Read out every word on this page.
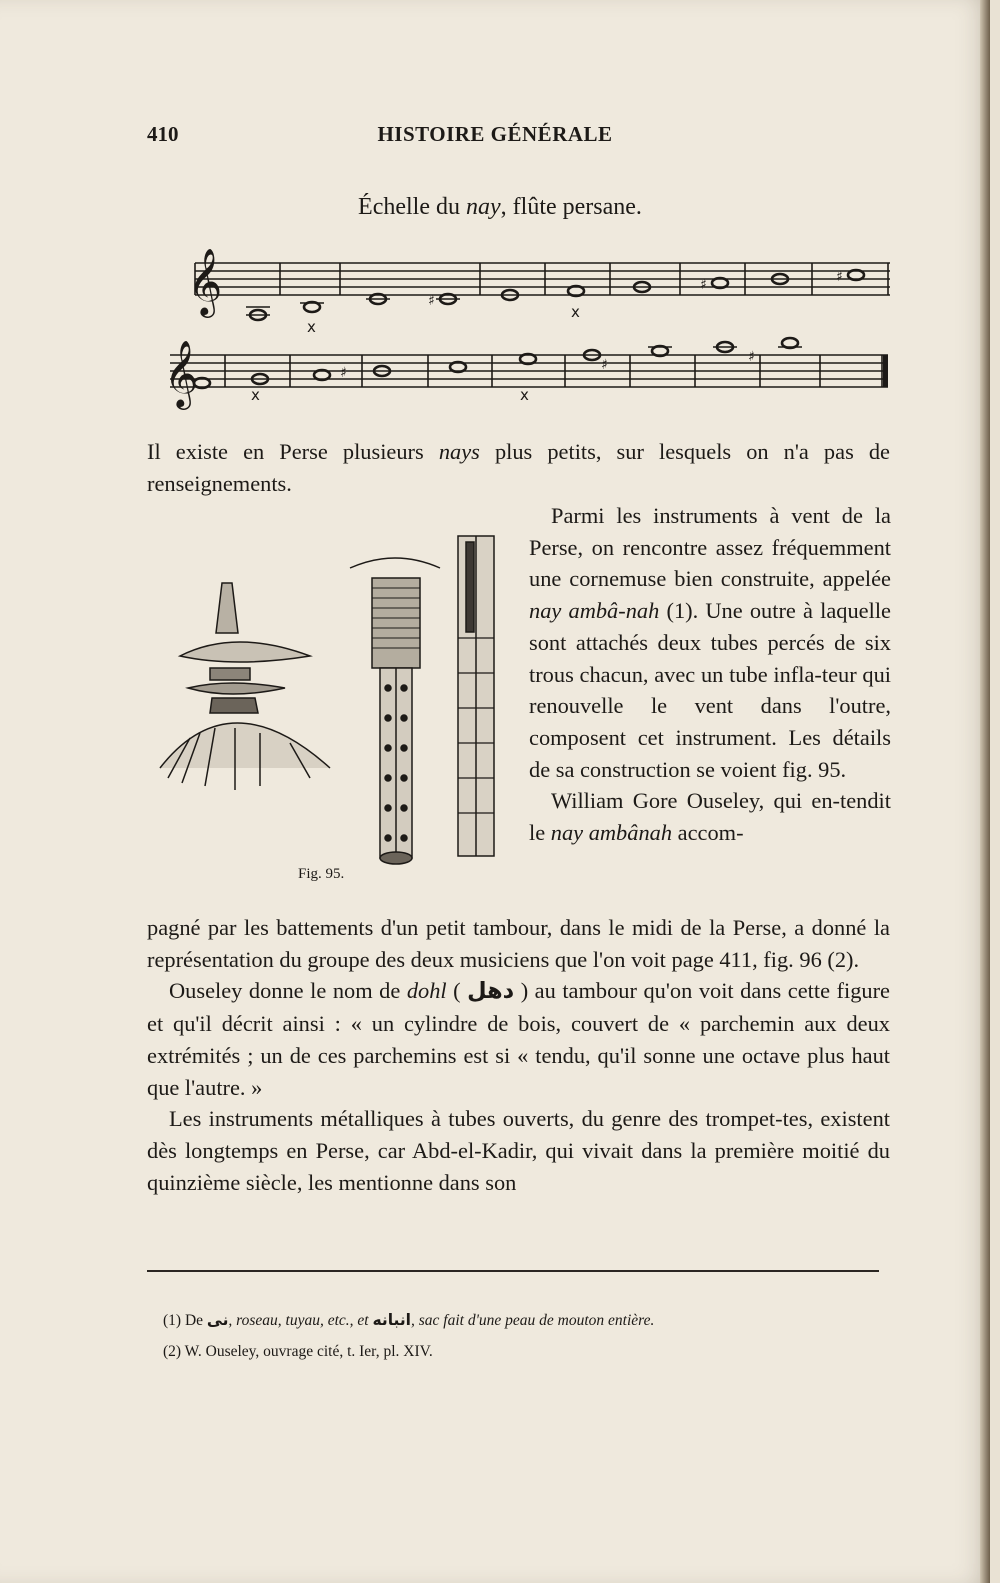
HISTOIRE GÉNÉRALE
410
Échelle du nay, flûte persane.
𝄞
𝄞
♯
♯	♯
♯	♯	♯
x
x
x	x

Il existe en Perse plusieurs nays plus petits, sur lesquels on n'a pas de renseignements.

Fig. 95.

Parmi les instruments à vent de la Perse, on rencontre assez fréquemment une cornemuse bien construite, appelée nay ambâ-nah (1). Une outre à laquelle sont attachés deux tubes percés de six trous chacun, avec un tube infla-teur qui renouvelle le vent dans l'outre, composent cet instrument. Les détails de sa construction se voient fig. 95.

William Gore Ouseley, qui en-tendit le nay ambânah accom-

pagné par les battements d'un petit tambour, dans le midi de la Perse, a donné la représentation du groupe des deux musiciens que l'on voit page 411, fig. 96 (2).

Ouseley donne le nom de dohl ( دهل ) au tambour qu'on voit dans cette figure et qu'il décrit ainsi : « un cylindre de bois, couvert de « parchemin aux deux extrémités ; un de ces parchemins est si « tendu, qu'il sonne une octave plus haut que l'autre. »

Les instruments métalliques à tubes ouverts, du genre des trompet-tes, existent dès longtemps en Perse, car Abd-el-Kadir, qui vivait dans la première moitié du quinzième siècle, les mentionne dans son

(1) De نى, roseau, tuyau, etc., et انبانه, sac fait d'une peau de mouton entière.
(2) W. Ouseley, ouvrage cité, t. Ier, pl. XIV.
